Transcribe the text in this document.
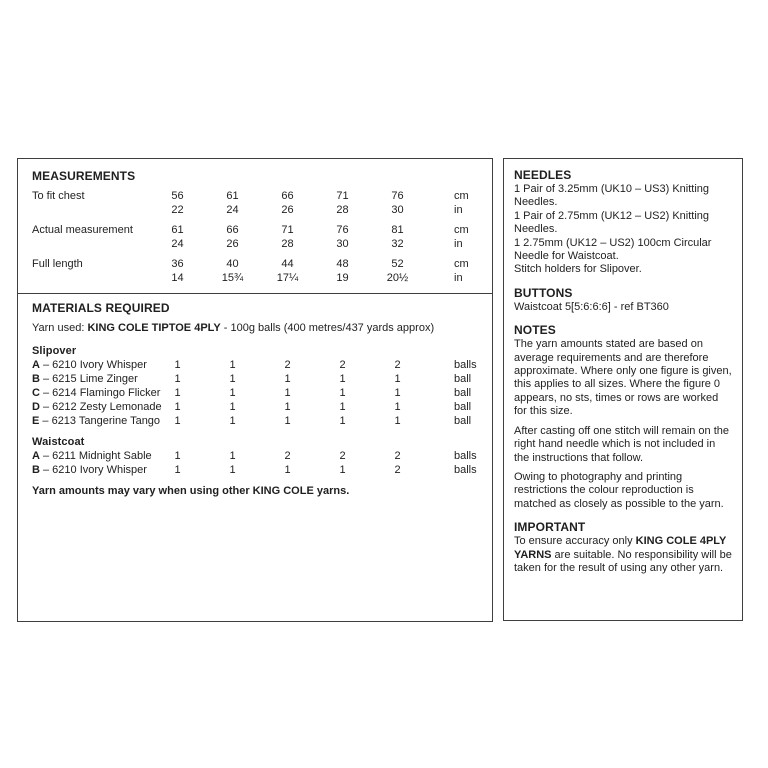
MEASUREMENTS
To fit chest	56	61	66	71	76	cm
22	24	26	28	30	in
Actual measurement	61	66	71	76	81	cm
24	26	28	30	32	in
Full length	36	40	44	48	52	cm
14	15¾	17¼	19	20½	in
MATERIALS REQUIRED

Yarn used: KING COLE TIPTOE 4PLY - 100g balls (400 metres/437 yards approx)

Slipover
A – 6210 Ivory Whisper	1	1	2	2	2	balls
B – 6215 Lime Zinger	1	1	1	1	1	ball
C – 6214 Flamingo Flicker	1	1	1	1	1	ball
D – 6212 Zesty Lemonade	1	1	1	1	1	ball
E – 6213 Tangerine Tango	1	1	1	1	1	ball
Waistcoat
A – 6211 Midnight Sable	1	1	2	2	2	balls
B – 6210 Ivory Whisper	1	1	1	1	2	balls

Yarn amounts may vary when using other KING COLE yarns.

NEEDLES
1 Pair of 3.25mm (UK10 – US3) Knitting Needles.
1 Pair of 2.75mm (UK12 – US2) Knitting Needles.
1 2.75mm (UK12 – US2) 100cm Circular Needle for Waistcoat.
Stitch holders for Slipover.
BUTTONS
Waistcoat 5[5:6:6:6] - ref BT360
NOTES

The yarn amounts stated are based on average requirements and are therefore approximate. Where only one figure is given, this applies to all sizes. Where the figure 0 appears, no sts, times or rows are worked for this size.

After casting off one stitch will remain on the right hand needle which is not included in the instructions that follow.

Owing to photography and printing restrictions the colour reproduction is matched as closely as possible to the yarn.

IMPORTANT

To ensure accuracy only KING COLE 4PLY YARNS are suitable. No responsibility will be taken for the result of using any other yarn.
